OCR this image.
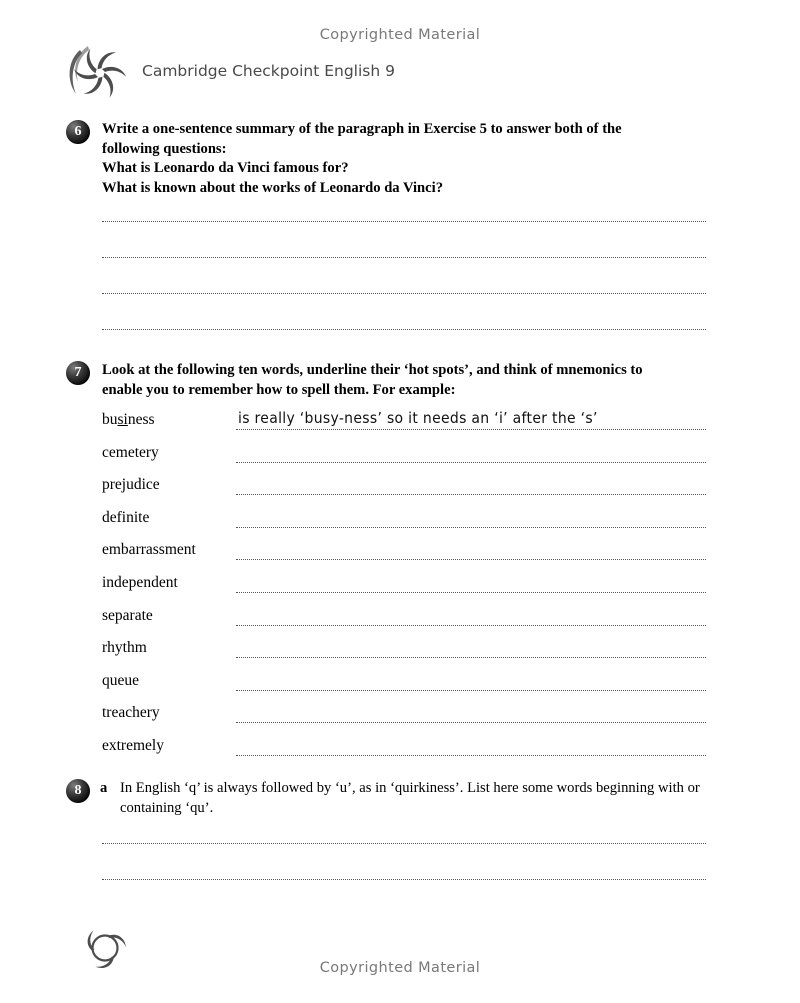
Copyrighted Material
Cambridge Checkpoint English 9
6	Write a one-sentence summary of the paragraph in Exercise 5 to answer both of the
following questions:
What is Leonardo da Vinci famous for?
What is known about the works of Leonardo da Vinci?
7	Look at the following ten words, underline their ‘hot spots’, and think of mnemonics to
enable you to remember how to spell them. For example:
business	is really ‘busy-ness’ so it needs an ‘i’ after the ‘s’
cemetery
prejudice
definite
embarrassment
independent
separate
rhythm
queue
treachery
extremely
8	a In English ‘q’ is always followed by ‘u’, as in ‘quirkiness’. List here some words beginning with or containing ‘qu’.
4
Copyrighted Material
